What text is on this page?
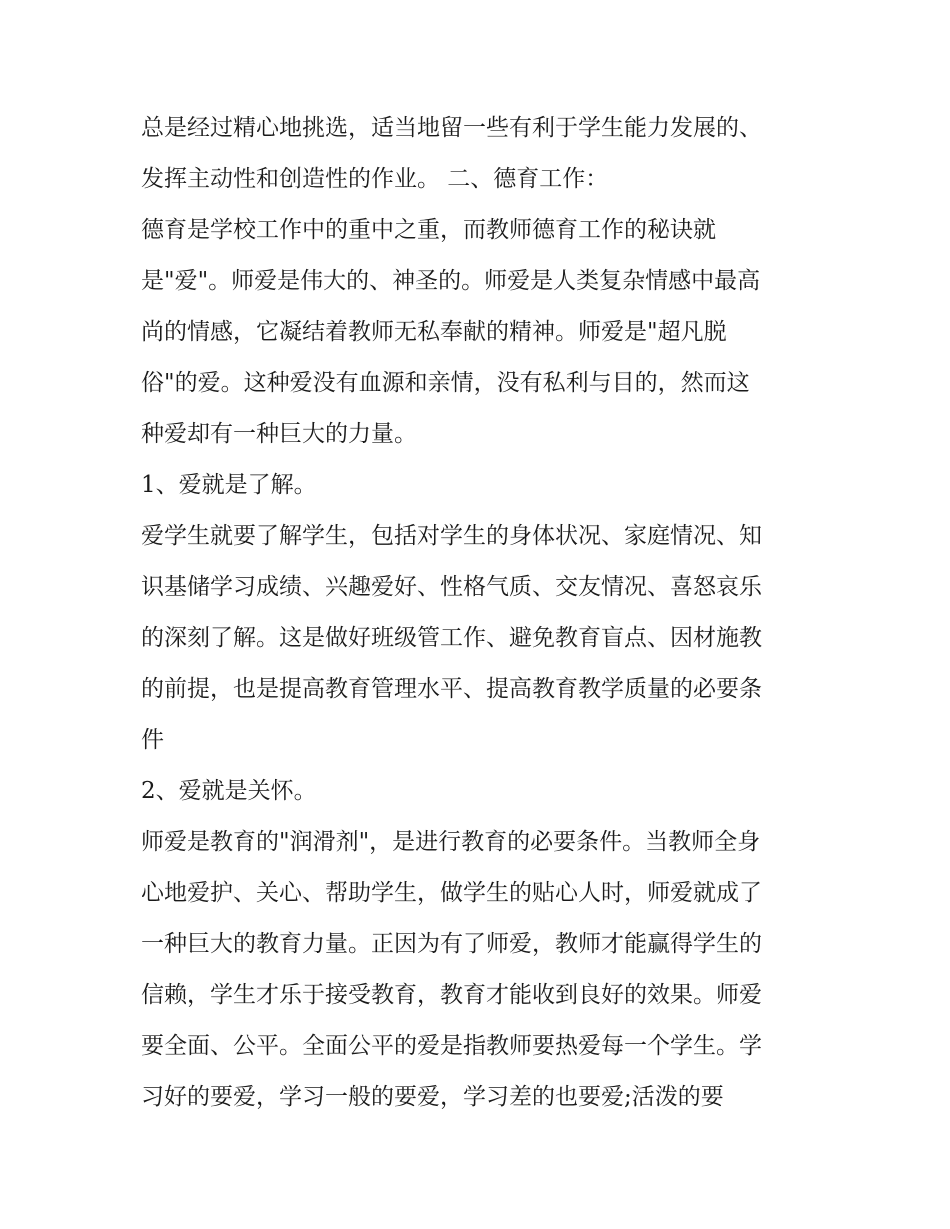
总是经过精心地挑选，适当地留一些有利于学生能力发展的、
发挥主动性和创造性的作业。 二、德育工作：
德育是学校工作中的重中之重，而教师德育工作的秘诀就
是"爱"。师爱是伟大的、神圣的。师爱是人类复杂情感中最高
尚的情感，它凝结着教师无私奉献的精神。师爱是"超凡脱
俗"的爱。这种爱没有血源和亲情，没有私利与目的，然而这
种爱却有一种巨大的力量。
1、爱就是了解。
爱学生就要了解学生，包括对学生的身体状况、家庭情况、知
识基储学习成绩、兴趣爱好、性格气质、交友情况、喜怒哀乐
的深刻了解。这是做好班级管工作、避免教育盲点、因材施教
的前提，也是提高教育管理水平、提高教育教学质量的必要条
件
2、爱就是关怀。
师爱是教育的"润滑剂"，是进行教育的必要条件。当教师全身
心地爱护、关心、帮助学生，做学生的贴心人时，师爱就成了
一种巨大的教育力量。正因为有了师爱，教师才能赢得学生的
信赖，学生才乐于接受教育，教育才能收到良好的效果。师爱
要全面、公平。全面公平的爱是指教师要热爱每一个学生。学
习好的要爱，学习一般的要爱，学习差的也要爱;活泼的要
